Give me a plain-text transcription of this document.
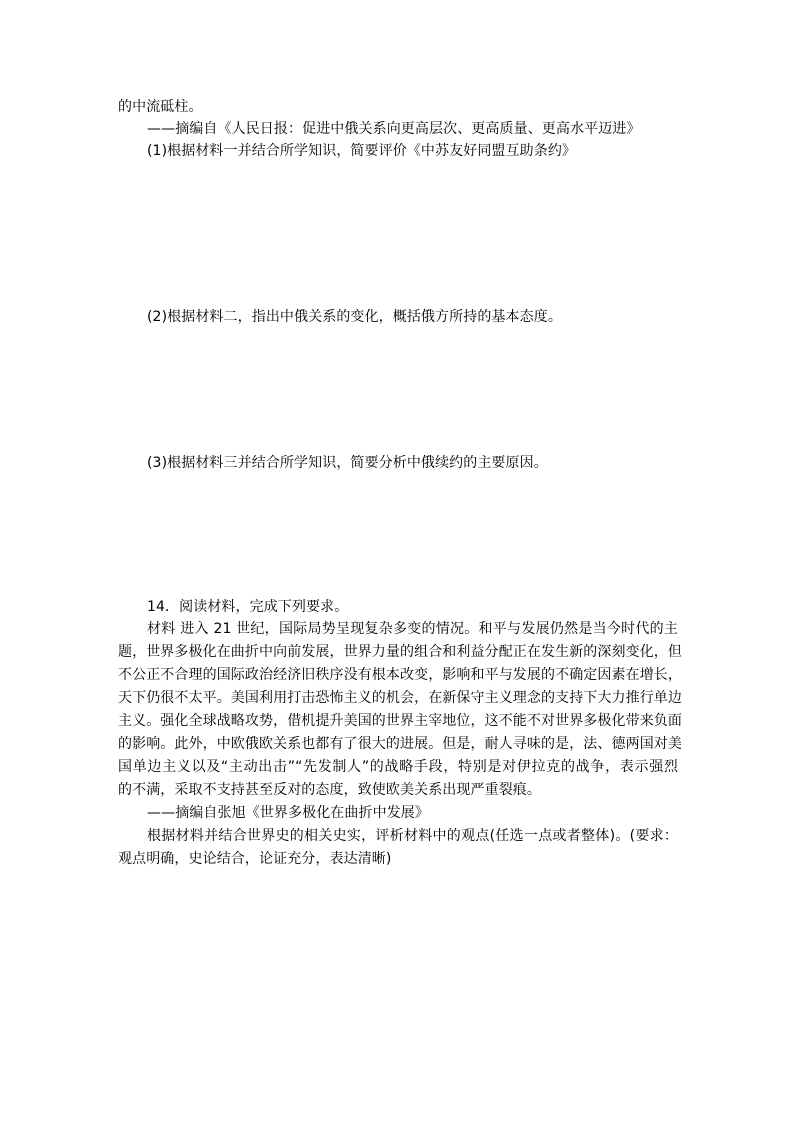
的中流砥柱。
——摘编自《人民日报：促进中俄关系向更高层次、更高质量、更高水平迈进》
(1)根据材料一并结合所学知识，简要评价《中苏友好同盟互助条约》
(2)根据材料二，指出中俄关系的变化，概括俄方所持的基本态度。
(3)根据材料三并结合所学知识，简要分析中俄续约的主要原因。
14．阅读材料，完成下列要求。
材料 进入 21 世纪，国际局势呈现复杂多变的情况。和平与发展仍然是当今时代的主
题，世界多极化在曲折中向前发展，世界力量的组合和利益分配正在发生新的深刻变化，但
不公正不合理的国际政治经济旧秩序没有根本改变，影响和平与发展的不确定因素在增长，
天下仍很不太平。美国利用打击恐怖主义的机会，在新保守主义理念的支持下大力推行单边
主义。强化全球战略攻势，借机提升美国的世界主宰地位，这不能不对世界多极化带来负面
的影响。此外，中欧俄欧关系也都有了很大的进展。但是，耐人寻味的是，法、德两国对美
国单边主义以及“主动出击”“先发制人”的战略手段，特别是对伊拉克的战争，表示强烈
的不满，采取不支持甚至反对的态度，致使欧美关系出现严重裂痕。
——摘编自张旭《世界多极化在曲折中发展》
根据材料并结合世界史的相关史实，评析材料中的观点(任选一点或者整体)。(要求：
观点明确，史论结合，论证充分，表达清晰)
